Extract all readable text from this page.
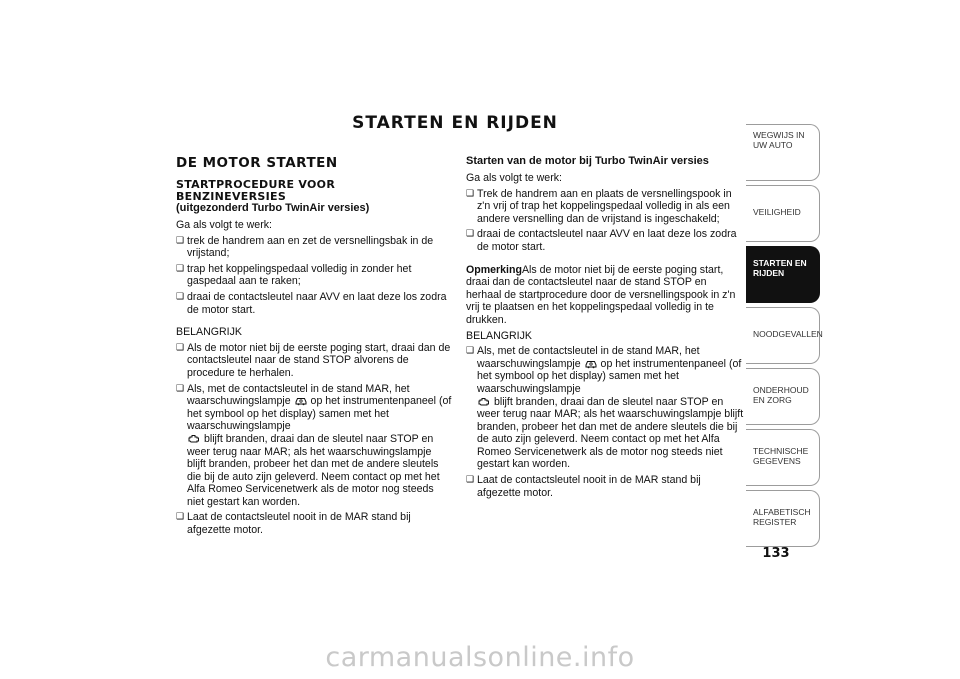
STARTEN EN RIJDEN
DE MOTOR STARTEN
STARTPROCEDURE VOOR
BENZINEVERSIES
(uitgezonderd Turbo TwinAir versies)
Ga als volgt te werk:
❑ trek de handrem aan en zet de versnellingsbak in de vrijstand;
❑ trap het koppelingspedaal volledig in zonder het gaspedaal aan te raken;
❑ draai de contactsleutel naar AVV en laat deze los zodra de motor start.
BELANGRIJK
❑ Als de motor niet bij de eerste poging start, draai dan de contactsleutel naar de stand STOP alvorens de procedure te herhalen.
❑ Als, met de contactsleutel in de stand MAR, het waarschuwingslampje op het instrumentenpaneel (of het symbool op het display) samen met het waarschuwingslampje

blijft branden, draai dan de sleutel naar STOP en weer terug naar MAR; als het waarschuwingslampje blijft branden, probeer het dan met de andere sleutels die bij de auto zijn geleverd. Neem contact op met het Alfa Romeo Servicenetwerk als de motor nog steeds niet gestart kan worden.
❑ Laat de contactsleutel nooit in de MAR stand bij afgezette motor.
Starten van de motor bij Turbo TwinAir versies
Ga als volgt te werk:
❑ Trek de handrem aan en plaats de versnellingspook in z'n vrij of trap het koppelingspedaal volledig in als een andere versnelling dan de vrijstand is ingeschakeld;
❑ draai de contactsleutel naar AVV en laat deze los zodra de motor start.
OpmerkingAls de motor niet bij de eerste poging start, draai dan de contactsleutel naar de stand STOP en herhaal de startprocedure door de versnellingspook in z'n vrij te plaatsen en het koppelingspedaal volledig in te drukken.
BELANGRIJK
❑ Als, met de contactsleutel in de stand MAR, het waarschuwingslampje op het instrumentenpaneel (of het symbool op het display) samen met het waarschuwingslampje

blijft branden, draai dan de sleutel naar STOP en weer terug naar MAR; als het waarschuwingslampje blijft branden, probeer het dan met de andere sleutels die bij de auto zijn geleverd. Neem contact op met het Alfa Romeo Servicenetwerk als de motor nog steeds niet gestart kan worden.
❑ Laat de contactsleutel nooit in de MAR stand bij afgezette motor.
WEGWIJS IN UW AUTO
VEILIGHEID
STARTEN EN RIJDEN
NOODGEVALLEN
ONDERHOUD EN ZORG
TECHNISCHE GEGEVENS
ALFABETISCH REGISTER
133
carmanualsonline.info
